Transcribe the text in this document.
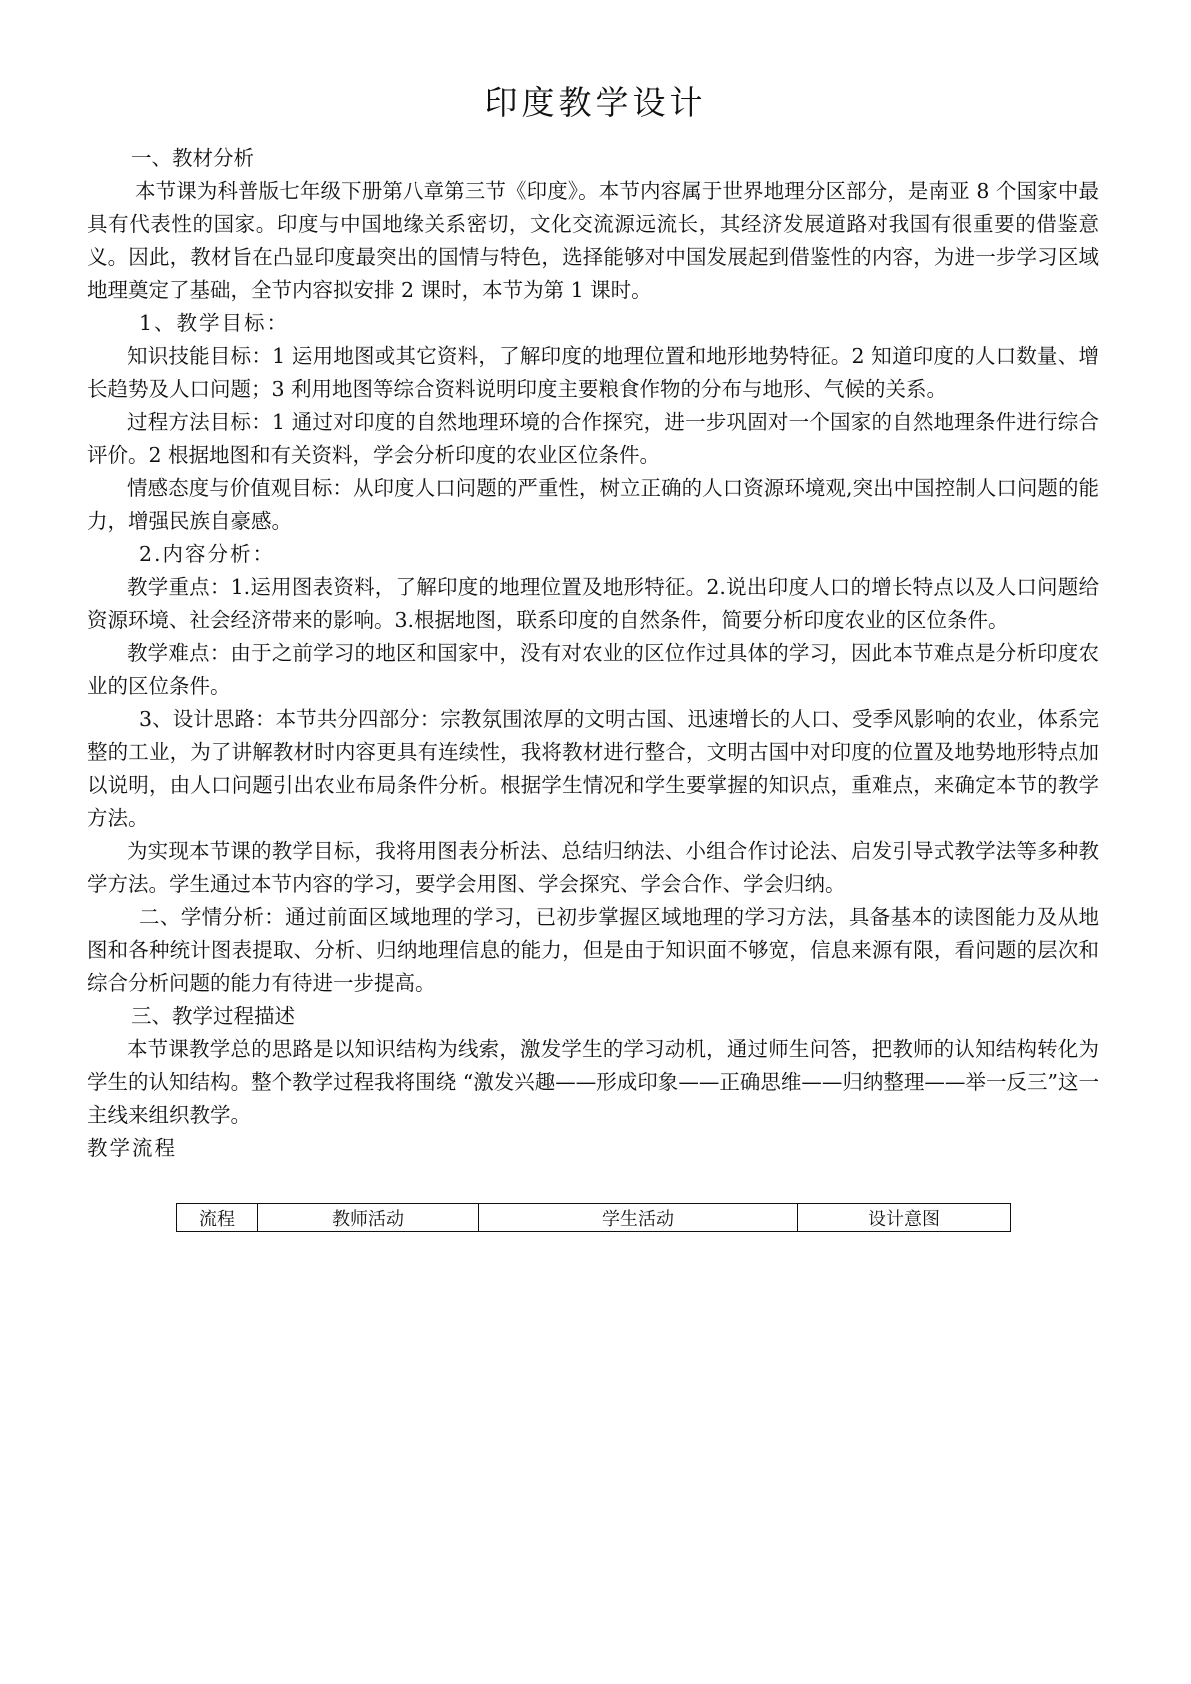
印度教学设计

一、教材分析

本节课为科普版七年级下册第八章第三节《印度》。本节内容属于世界地理分区部分，是南亚 8 个国家中最具有代表性的国家。印度与中国地缘关系密切，文化交流源远流长，其经济发展道路对我国有很重要的借鉴意义。因此，教材旨在凸显印度最突出的国情与特色，选择能够对中国发展起到借鉴性的内容，为进一步学习区域地理奠定了基础，全节内容拟安排 2 课时，本节为第 1 课时。

1、教学目标：

知识技能目标：1 运用地图或其它资料，了解印度的地理位置和地形地势特征。2 知道印度的人口数量、增长趋势及人口问题；3 利用地图等综合资料说明印度主要粮食作物的分布与地形、气候的关系。

过程方法目标：1 通过对印度的自然地理环境的合作探究，进一步巩固对一个国家的自然地理条件进行综合评价。2 根据地图和有关资料，学会分析印度的农业区位条件。

情感态度与价值观目标：从印度人口问题的严重性，树立正确的人口资源环境观,突出中国控制人口问题的能力，增强民族自豪感。

2.内容分析：

教学重点：1.运用图表资料，了解印度的地理位置及地形特征。2.说出印度人口的增长特点以及人口问题给资源环境、社会经济带来的影响。3.根据地图，联系印度的自然条件，简要分析印度农业的区位条件。

教学难点：由于之前学习的地区和国家中，没有对农业的区位作过具体的学习，因此本节难点是分析印度农业的区位条件。

3、设计思路：本节共分四部分：宗教氛围浓厚的文明古国、迅速增长的人口、受季风影响的农业，体系完整的工业，为了讲解教材时内容更具有连续性，我将教材进行整合，文明古国中对印度的位置及地势地形特点加以说明，由人口问题引出农业布局条件分析。根据学生情况和学生要掌握的知识点，重难点，来确定本节的教学方法。

为实现本节课的教学目标，我将用图表分析法、总结归纳法、小组合作讨论法、启发引导式教学法等多种教学方法。学生通过本节内容的学习，要学会用图、学会探究、学会合作、学会归纳。

二、学情分析：通过前面区域地理的学习，已初步掌握区域地理的学习方法，具备基本的读图能力及从地图和各种统计图表提取、分析、归纳地理信息的能力，但是由于知识面不够宽，信息来源有限，看问题的层次和综合分析问题的能力有待进一步提高。

三、教学过程描述

本节课教学总的思路是以知识结构为线索，激发学生的学习动机，通过师生问答，把教师的认知结构转化为学生的认知结构。整个教学过程我将围绕 “激发兴趣——形成印象——正确思维——归纳整理——举一反三”这一主线来组织教学。

教学流程

流程	教师活动	学生活动	设计意图
